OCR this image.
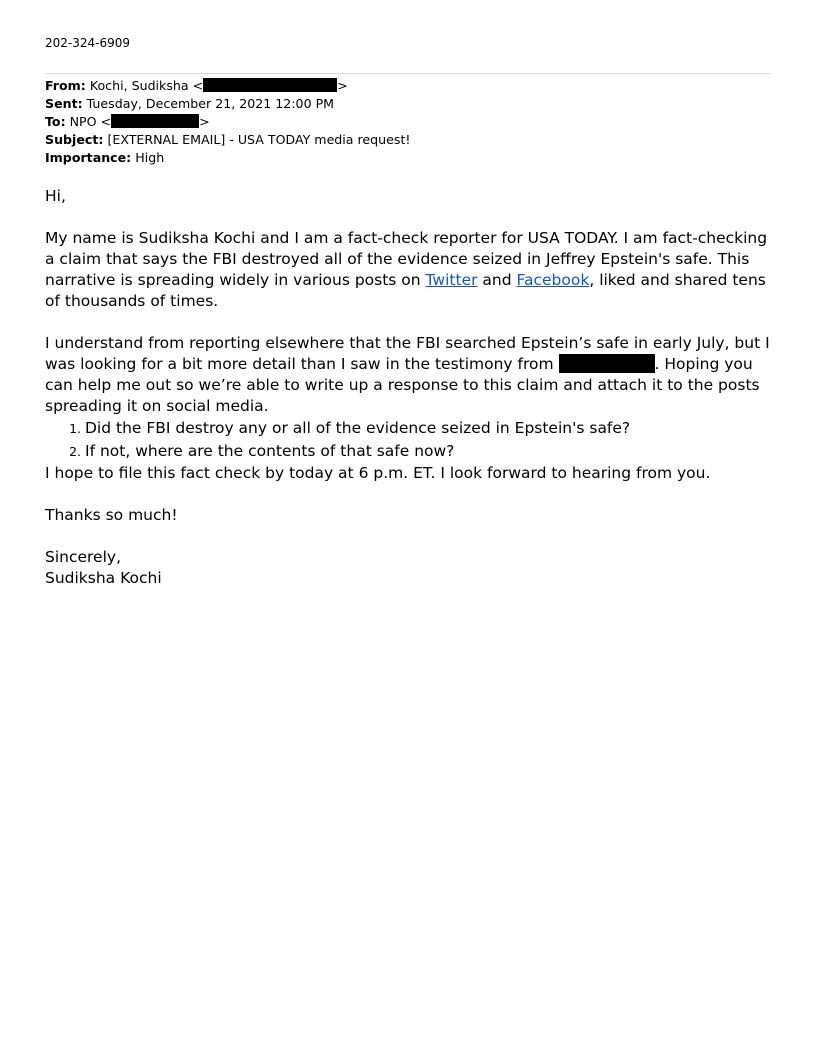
202-324-6909
From: Kochi, Sudiksha <	>
Sent: Tuesday, December 21, 2021 12:00 PM
To: NPO <	>
Subject: [EXTERNAL EMAIL] - USA TODAY media request!
Importance: High

Hi,

My name is Sudiksha Kochi and I am a fact-check reporter for USA TODAY. I am fact-checking a claim that says the FBI destroyed all of the evidence seized in Jeffrey Epstein's safe. This narrative is spreading widely in various posts on Twitter and Facebook, liked and shared tens of thousands of times.

I understand from reporting elsewhere that the FBI searched Epstein’s safe in early July, but I was looking for a bit more detail than I saw in the testimony from	. Hoping you can help me out so we’re able to write up a response to this claim and attach it to the posts spreading it on social media.

1. Did the FBI destroy any or all of the evidence seized in Epstein's safe?
2. If not, where are the contents of that safe now?

I hope to file this fact check by today at 6 p.m. ET. I look forward to hearing from you.

Thanks so much!

Sincerely,
Sudiksha Kochi
